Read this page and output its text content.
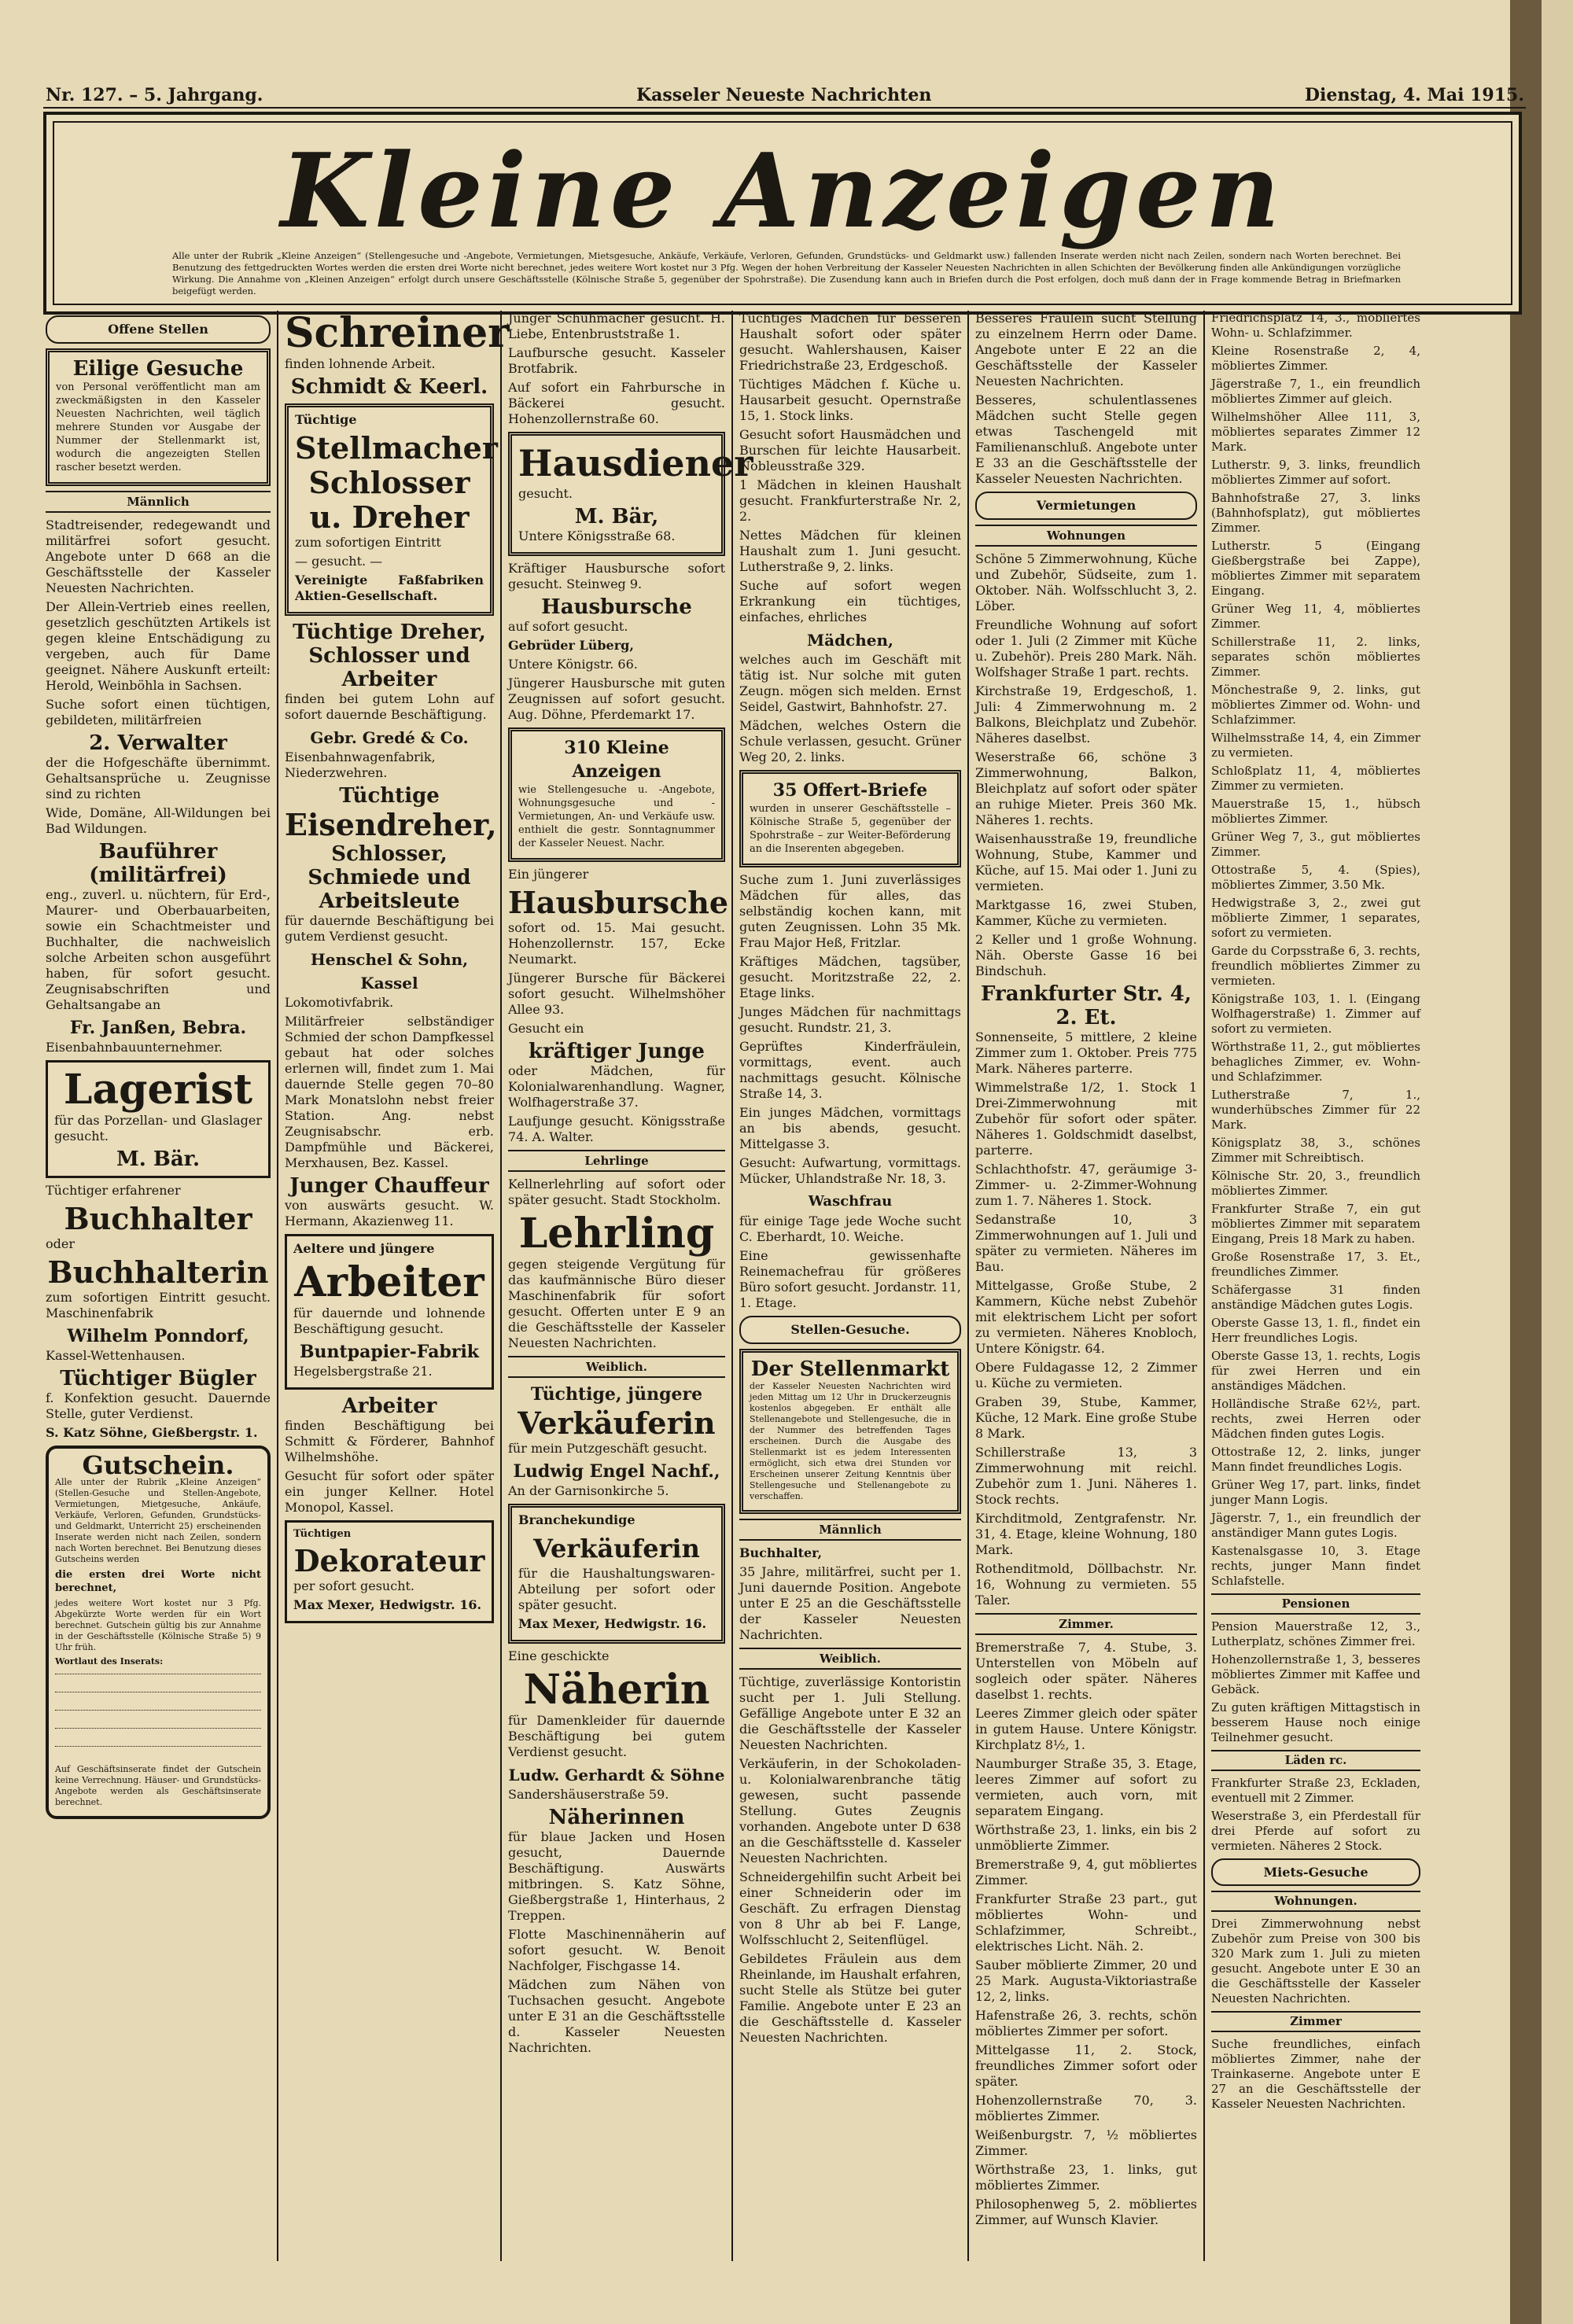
Nr. 127. – 5. Jahrgang.	Kasseler Neueste Nachrichten	Dienstag, 4. Mai 1915.
Kleine Anzeigen
Alle unter der Rubrik „Kleine Anzeigen“ (Stellengesuche und -Angebote, Vermietungen, Mietsgesuche, Ankäufe, Verkäufe, Verloren, Gefunden, Grundstücks- und Geldmarkt usw.) fallenden Inserate werden nicht nach Zeilen, sondern nach Worten berechnet. Bei Benutzung des fettgedruckten Wortes werden die ersten drei Worte nicht berechnet, jedes weitere Wort kostet nur 3 Pfg. Wegen der hohen Verbreitung der Kasseler Neuesten Nachrichten in allen Schichten der Bevölkerung finden alle Ankündigungen vorzügliche Wirkung. Die Annahme von „Kleinen Anzeigen“ erfolgt durch unsere Geschäftsstelle (Kölnische Straße 5, gegenüber der Spohrstraße). Die Zusendung kann auch in Briefen durch die Post erfolgen, doch muß dann der in Frage kommende Betrag in Briefmarken beigefügt werden.
Offene Stellen
Eilige Gesuche

von Personal veröffentlicht man am zweckmäßigsten in den Kasseler Neuesten Nachrichten, weil täglich mehrere Stunden vor Ausgabe der Nummer der Stellenmarkt ist, wodurch die angezeigten Stellen rascher besetzt werden.

Männlich

Stadtreisender, redegewandt und militärfrei sofort gesucht. Angebote unter D 668 an die Geschäftsstelle der Kasseler Neuesten Nachrichten.

Der Allein-Vertrieb eines reellen, gesetzlich geschützten Artikels ist gegen kleine Entschädigung zu vergeben, auch für Dame geeignet. Nähere Auskunft erteilt: Herold, Weinböhla in Sachsen.

Suche sofort einen tüchtigen, gebildeten, militärfreien

2. Verwalter

der die Hofgeschäfte übernimmt. Gehaltsansprüche u. Zeugnisse sind zu richten

Wide, Domäne, All-Wildungen bei Bad Wildungen.

Bauführer (militärfrei)

eng., zuverl. u. nüchtern, für Erd-, Maurer- und Oberbauarbeiten, sowie ein Schachtmeister und Buchhalter, die nachweislich solche Arbeiten schon ausgeführt haben, für sofort gesucht. Zeugnisabschriften und Gehaltsangabe an

Fr. Janßen, Bebra.

Eisenbahnbauunternehmer.

Lagerist

für das Porzellan- und Glaslager gesucht.

M. Bär.

Tüchtiger erfahrener

Buchhalter

oder

Buchhalterin

zum sofortigen Eintritt gesucht. Maschinenfabrik

Wilhelm Ponndorf,

Kassel-Wettenhausen.

Tüchtiger Bügler

f. Konfektion gesucht. Dauernde Stelle, guter Verdienst.

S. Katz Söhne, Gießbergstr. 1.

Gutschein.

Alle unter der Rubrik „Kleine Anzeigen“ (Stellen-Gesuche und Stellen-Angebote, Vermietungen, Mietgesuche, Ankäufe, Verkäufe, Verloren, Gefunden, Grundstücks- und Geldmarkt, Unterricht 25) erscheinenden Inserate werden nicht nach Zeilen, sondern nach Worten berechnet. Bei Benutzung dieses Gutscheins werden

die ersten drei Worte nicht berechnet,

jedes weitere Wort kostet nur 3 Pfg. Abgekürzte Worte werden für ein Wort berechnet. Gutschein gültig bis zur Annahme in der Geschäftsstelle (Kölnische Straße 5) 9 Uhr früh.

Wortlaut des Inserats:

Auf Geschäftsinserate findet der Gutschein keine Verrechnung. Häuser- und Grundstücks-Angebote werden als Geschäftsinserate berechnet.

Schreiner

finden lohnende Arbeit.

Schmidt & Keerl.

Tüchtige

Stellmacher
Schlosser
u. Dreher

zum sofortigen Eintritt

— gesucht. —

Vereinigte Faßfabriken Aktien-Gesellschaft.

Tüchtige Dreher, Schlosser und Arbeiter

finden bei gutem Lohn auf sofort dauernde Beschäftigung.

Gebr. Gredé & Co.

Eisenbahnwagenfabrik, Niederzwehren.

Tüchtige
Eisendreher,
Schlosser, Schmiede und Arbeitsleute

für dauernde Beschäftigung bei gutem Verdienst gesucht.

Henschel & Sohn, Kassel

Lokomotivfabrik.

Militärfreier selbständiger Schmied der schon Dampfkessel gebaut hat oder solches erlernen will, findet zum 1. Mai dauernde Stelle gegen 70–80 Mark Monatslohn nebst freier Station. Ang. nebst Zeugnisabschr. erb. Dampfmühle und Bäckerei, Merxhausen, Bez. Kassel.

Junger Chauffeur

von auswärts gesucht. W. Hermann, Akazienweg 11.

Aeltere und jüngere

Arbeiter

für dauernde und lohnende Beschäftigung gesucht.

Buntpapier-Fabrik

Hegelsbergstraße 21.

Arbeiter

finden Beschäftigung bei Schmitt & Förderer, Bahnhof Wilhelmshöhe.

Gesucht für sofort oder später ein junger Kellner. Hotel Monopol, Kassel.

Tüchtigen

Dekorateur

per sofort gesucht.

Max Mexer, Hedwigstr. 16.

Junger Schuhmacher gesucht. H. Liebe, Entenbruststraße 1.

Laufbursche gesucht. Kasseler Brotfabrik.

Auf sofort ein Fahrbursche in Bäckerei gesucht. Hohenzollernstraße 60.

Hausdiener

gesucht.

M. Bär,

Untere Königsstraße 68.

Kräftiger Hausbursche sofort gesucht. Steinweg 9.

Hausbursche

auf sofort gesucht.

Gebrüder Lüberg,

Untere Königstr. 66.

Jüngerer Hausbursche mit guten Zeugnissen auf sofort gesucht. Aug. Döhne, Pferdemarkt 17.

310 Kleine Anzeigen

wie Stellengesuche u. -Angebote, Wohnungsgesuche und -Vermietungen, An- und Verkäufe usw. enthielt die gestr. Sonntagnummer der Kasseler Neuest. Nachr.

Ein jüngerer

Hausbursche

sofort od. 15. Mai gesucht. Hohenzollernstr. 157, Ecke Neumarkt.

Jüngerer Bursche für Bäckerei sofort gesucht. Wilhelmshöher Allee 93.

Gesucht ein

kräftiger Junge

oder Mädchen, für Kolonialwarenhandlung. Wagner, Wolfhagerstraße 37.

Laufjunge gesucht. Königsstraße 74. A. Walter.

Lehrlinge

Kellnerlehrling auf sofort oder später gesucht. Stadt Stockholm.

Lehrling

gegen steigende Vergütung für das kaufmännische Büro dieser Maschinenfabrik für sofort gesucht. Offerten unter E 9 an die Geschäftsstelle der Kasseler Neuesten Nachrichten.

Weiblich.
Tüchtige, jüngere
Verkäuferin

für mein Putzgeschäft gesucht.

Ludwig Engel Nachf.,

An der Garnisonkirche 5.

Branchekundige

Verkäuferin

für die Haushaltungswaren-Abteilung per sofort oder später gesucht.

Max Mexer, Hedwigstr. 16.

Eine geschickte

Näherin

für Damenkleider für dauernde Beschäftigung bei gutem Verdienst gesucht.

Ludw. Gerhardt & Söhne

Sandershäuserstraße 59.

Näherinnen

für blaue Jacken und Hosen gesucht, Dauernde Beschäftigung. Auswärts mitbringen. S. Katz Söhne, Gießbergstraße 1, Hinterhaus, 2 Treppen.

Flotte Maschinennäherin auf sofort gesucht. W. Benoit Nachfolger, Fischgasse 14.

Mädchen zum Nähen von Tuchsachen gesucht. Angebote unter E 31 an die Geschäftsstelle d. Kasseler Neuesten Nachrichten.

Tüchtiges Mädchen für besseren Haushalt sofort oder später gesucht. Wahlershausen, Kaiser Friedrichstraße 23, Erdgeschoß.

Tüchtiges Mädchen f. Küche u. Hausarbeit gesucht. Opernstraße 15, 1. Stock links.

Gesucht sofort Hausmädchen und Burschen für leichte Hausarbeit. Nobleusstraße 329.

1 Mädchen in kleinen Haushalt gesucht. Frankfurterstraße Nr. 2, 2.

Nettes Mädchen für kleinen Haushalt zum 1. Juni gesucht. Lutherstraße 9, 2. links.

Suche auf sofort wegen Erkrankung ein tüchtiges, einfaches, ehrliches

Mädchen,

welches auch im Geschäft mit tätig ist. Nur solche mit guten Zeugn. mögen sich melden. Ernst Seidel, Gastwirt, Bahnhofstr. 27.

Mädchen, welches Ostern die Schule verlassen, gesucht. Grüner Weg 20, 2. links.

35 Offert-Briefe

wurden in unserer Geschäftsstelle – Kölnische Straße 5, gegenüber der Spohrstraße – zur Weiter-Beförderung an die Inserenten abgegeben.

Suche zum 1. Juni zuverlässiges Mädchen für alles, das selbständig kochen kann, mit guten Zeugnissen. Lohn 35 Mk. Frau Major Heß, Fritzlar.

Kräftiges Mädchen, tagsüber, gesucht. Moritzstraße 22, 2. Etage links.

Junges Mädchen für nachmittags gesucht. Rundstr. 21, 3.

Geprüftes Kinderfräulein, vormittags, event. auch nachmittags gesucht. Kölnische Straße 14, 3.

Ein junges Mädchen, vormittags an bis abends, gesucht. Mittelgasse 3.

Gesucht: Aufwartung, vormittags. Mücker, Uhlandstraße Nr. 18, 3.

Waschfrau

für einige Tage jede Woche sucht C. Eberhardt, 10. Weiche.

Eine gewissenhafte Reinemachefrau für größeres Büro sofort gesucht. Jordanstr. 11, 1. Etage.

Stellen-Gesuche.
Der Stellenmarkt

der Kasseler Neuesten Nachrichten wird jeden Mittag um 12 Uhr in Druckerzeugnis kostenlos abgegeben. Er enthält alle Stellenangebote und Stellengesuche, die in der Nummer des betreffenden Tages erscheinen. Durch die Ausgabe des Stellenmarkt ist es jedem Interessenten ermöglicht, sich etwa drei Stunden vor Erscheinen unserer Zeitung Kenntnis über Stellengesuche und Stellenangebote zu verschaffen.

Männlich

Buchhalter,

35 Jahre, militärfrei, sucht per 1. Juni dauernde Position. Angebote unter E 25 an die Geschäftsstelle der Kasseler Neuesten Nachrichten.

Weiblich.

Tüchtige, zuverlässige Kontoristin sucht per 1. Juli Stellung. Gefällige Angebote unter E 32 an die Geschäftsstelle der Kasseler Neuesten Nachrichten.

Verkäuferin, in der Schokoladen- u. Kolonialwarenbranche tätig gewesen, sucht passende Stellung. Gutes Zeugnis vorhanden. Angebote unter D 638 an die Geschäftsstelle d. Kasseler Neuesten Nachrichten.

Schneidergehilfin sucht Arbeit bei einer Schneiderin oder im Geschäft. Zu erfragen Dienstag von 8 Uhr ab bei F. Lange, Wolfsschlucht 2, Seitenflügel.

Gebildetes Fräulein aus dem Rheinlande, im Haushalt erfahren, sucht Stelle als Stütze bei guter Familie. Angebote unter E 23 an die Geschäftsstelle d. Kasseler Neuesten Nachrichten.

Besseres Fräulein sucht Stellung zu einzelnem Herrn oder Dame. Angebote unter E 22 an die Geschäftsstelle der Kasseler Neuesten Nachrichten.

Besseres, schulentlassenes Mädchen sucht Stelle gegen etwas Taschengeld mit Familienanschluß. Angebote unter E 33 an die Geschäftsstelle der Kasseler Neuesten Nachrichten.

Vermietungen
Wohnungen

Schöne 5 Zimmerwohnung, Küche und Zubehör, Südseite, zum 1. Oktober. Näh. Wolfsschlucht 3, 2. Löber.

Freundliche Wohnung auf sofort oder 1. Juli (2 Zimmer mit Küche u. Zubehör). Preis 280 Mark. Näh. Wolfshager Straße 1 part. rechts.

Kirchstraße 19, Erdgeschoß, 1. Juli: 4 Zimmerwohnung m. 2 Balkons, Bleichplatz und Zubehör. Näheres daselbst.

Weserstraße 66, schöne 3 Zimmerwohnung, Balkon, Bleichplatz auf sofort oder später an ruhige Mieter. Preis 360 Mk. Näheres 1. rechts.

Waisenhausstraße 19, freundliche Wohnung, Stube, Kammer und Küche, auf 15. Mai oder 1. Juni zu vermieten.

Marktgasse 16, zwei Stuben, Kammer, Küche zu vermieten.

2 Keller und 1 große Wohnung. Näh. Oberste Gasse 16 bei Bindschuh.

Frankfurter Str. 4, 2. Et.

Sonnenseite, 5 mittlere, 2 kleine Zimmer zum 1. Oktober. Preis 775 Mark. Näheres parterre.

Wimmelstraße 1/2, 1. Stock 1 Drei-Zimmerwohnung mit Zubehör für sofort oder später. Näheres 1. Goldschmidt daselbst, parterre.

Schlachthofstr. 47, geräumige 3-Zimmer- u. 2-Zimmer-Wohnung zum 1. 7. Näheres 1. Stock.

Sedanstraße 10, 3 Zimmerwohnungen auf 1. Juli und später zu vermieten. Näheres im Bau.

Mittelgasse, Große Stube, 2 Kammern, Küche nebst Zubehör mit elektrischem Licht per sofort zu vermieten. Näheres Knobloch, Untere Königstr. 64.

Obere Fuldagasse 12, 2 Zimmer u. Küche zu vermieten.

Graben 39, Stube, Kammer, Küche, 12 Mark. Eine große Stube 8 Mark.

Schillerstraße 13, 3 Zimmerwohnung mit reichl. Zubehör zum 1. Juni. Näheres 1. Stock rechts.

Kirchditmold, Zentgrafenstr. Nr. 31, 4. Etage, kleine Wohnung, 180 Mark.

Rothenditmold, Döllbachstr. Nr. 16, Wohnung zu vermieten. 55 Taler.

Zimmer.

Bremerstraße 7, 4. Stube, 3. Unterstellen von Möbeln auf sogleich oder später. Näheres daselbst 1. rechts.

Leeres Zimmer gleich oder später in gutem Hause. Untere Königstr. Kirchplatz 8½, 1.

Naumburger Straße 35, 3. Etage, leeres Zimmer auf sofort zu vermieten, auch vorn, mit separatem Eingang.

Wörthstraße 23, 1. links, ein bis 2 unmöblierte Zimmer.

Bremerstraße 9, 4, gut möbliertes Zimmer.

Frankfurter Straße 23 part., gut möbliertes Wohn- und Schlafzimmer, Schreibt., elektrisches Licht. Näh. 2.

Sauber möblierte Zimmer, 20 und 25 Mark. Augusta-Viktoriastraße 12, 2, links.

Hafenstraße 26, 3. rechts, schön möbliertes Zimmer per sofort.

Mittelgasse 11, 2. Stock, freundliches Zimmer sofort oder später.

Hohenzollernstraße 70, 3. möbliertes Zimmer.

Weißenburgstr. 7, ½ möbliertes Zimmer.

Wörthstraße 23, 1. links, gut möbliertes Zimmer.

Philosophenweg 5, 2. möbliertes Zimmer, auf Wunsch Klavier.

Friedrichsplatz 14, 3., möbliertes Wohn- u. Schlafzimmer.

Kleine Rosenstraße 2, 4, möbliertes Zimmer.

Jägerstraße 7, 1., ein freundlich möbliertes Zimmer auf gleich.

Wilhelmshöher Allee 111, 3, möbliertes separates Zimmer 12 Mark.

Lutherstr. 9, 3. links, freundlich möbliertes Zimmer auf sofort.

Bahnhofstraße 27, 3. links (Bahnhofsplatz), gut möbliertes Zimmer.

Lutherstr. 5 (Eingang Gießbergstraße bei Zappe), möbliertes Zimmer mit separatem Eingang.

Grüner Weg 11, 4, möbliertes Zimmer.

Schillerstraße 11, 2. links, separates schön möbliertes Zimmer.

Mönchestraße 9, 2. links, gut möbliertes Zimmer od. Wohn- und Schlafzimmer.

Wilhelmsstraße 14, 4, ein Zimmer zu vermieten.

Schloßplatz 11, 4, möbliertes Zimmer zu vermieten.

Mauerstraße 15, 1., hübsch möbliertes Zimmer.

Grüner Weg 7, 3., gut möbliertes Zimmer.

Ottostraße 5, 4. (Spies), möbliertes Zimmer, 3.50 Mk.

Hedwigstraße 3, 2., zwei gut möblierte Zimmer, 1 separates, sofort zu vermieten.

Garde du Corpsstraße 6, 3. rechts, freundlich möbliertes Zimmer zu vermieten.

Königstraße 103, 1. l. (Eingang Wolfhagerstraße) 1. Zimmer auf sofort zu vermieten.

Wörthstraße 11, 2., gut möbliertes behagliches Zimmer, ev. Wohn- und Schlafzimmer.

Lutherstraße 7, 1., wunderhübsches Zimmer für 22 Mark.

Königsplatz 38, 3., schönes Zimmer mit Schreibtisch.

Kölnische Str. 20, 3., freundlich möbliertes Zimmer.

Frankfurter Straße 7, ein gut möbliertes Zimmer mit separatem Eingang, Preis 18 Mark zu haben.

Große Rosenstraße 17, 3. Et., freundliches Zimmer.

Schäfergasse 31 finden anständige Mädchen gutes Logis.

Oberste Gasse 13, 1. fl., findet ein Herr freundliches Logis.

Oberste Gasse 13, 1. rechts, Logis für zwei Herren und ein anständiges Mädchen.

Holländische Straße 62½, part. rechts, zwei Herren oder Mädchen finden gutes Logis.

Ottostraße 12, 2. links, junger Mann findet freundliches Logis.

Grüner Weg 17, part. links, findet junger Mann Logis.

Jägerstr. 7, 1., ein freundlich der anständiger Mann gutes Logis.

Kastenalsgasse 10, 3. Etage rechts, junger Mann findet Schlafstelle.

Pensionen

Pension Mauerstraße 12, 3., Lutherplatz, schönes Zimmer frei.

Hohenzollernstraße 1, 3, besseres möbliertes Zimmer mit Kaffee und Gebäck.

Zu guten kräftigen Mittagstisch in besserem Hause noch einige Teilnehmer gesucht.

Läden rc.

Frankfurter Straße 23, Eckladen, eventuell mit 2 Zimmer.

Weserstraße 3, ein Pferdestall für drei Pferde auf sofort zu vermieten. Näheres 2 Stock.

Miets-Gesuche
Wohnungen.

Drei Zimmerwohnung nebst Zubehör zum Preise von 300 bis 320 Mark zum 1. Juli zu mieten gesucht. Angebote unter E 30 an die Geschäftsstelle der Kasseler Neuesten Nachrichten.

Zimmer

Suche freundliches, einfach möbliertes Zimmer, nahe der Trainkaserne. Angebote unter E 27 an die Geschäftsstelle der Kasseler Neuesten Nachrichten.
